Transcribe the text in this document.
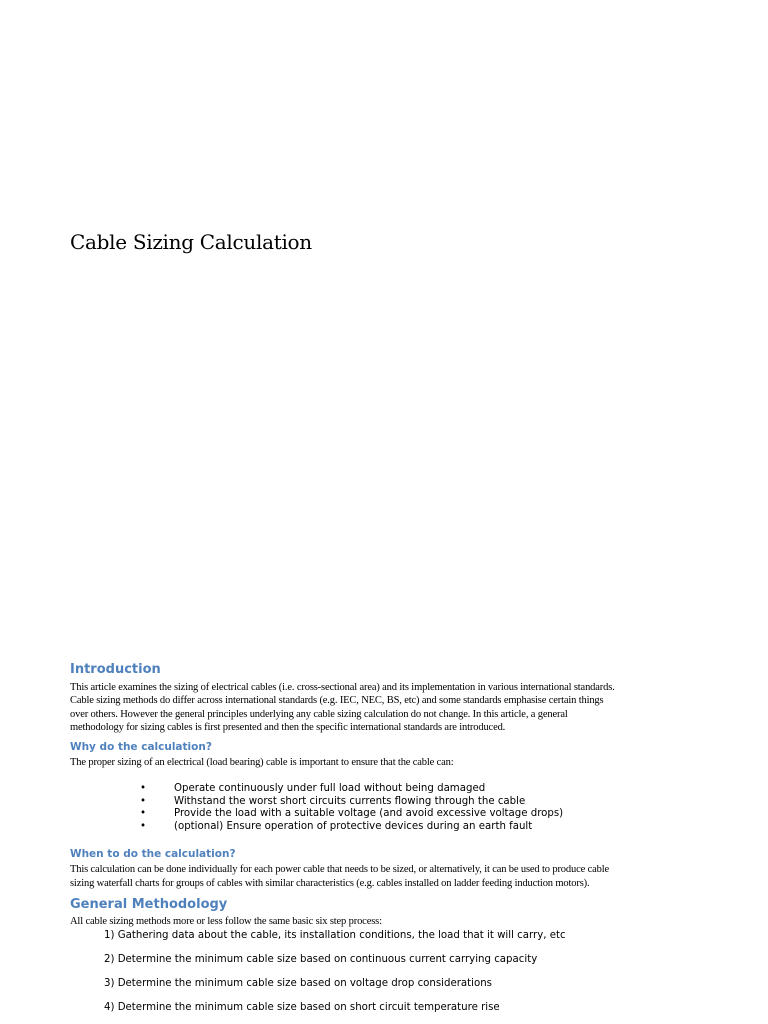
Cable Sizing Calculation
Introduction

This article examines the sizing of electrical cables (i.e. cross-sectional area) and its implementation in various international standards.

Cable sizing methods do differ across international standards (e.g. IEC, NEC, BS, etc) and some standards emphasise certain things

over others. However the general principles underlying any cable sizing calculation do not change. In this article, a general

methodology for sizing cables is first presented and then the specific international standards are introduced.

Why do the calculation?

The proper sizing of an electrical (load bearing) cable is important to ensure that the cable can:

•	Operate continuously under full load without being damaged
•	Withstand the worst short circuits currents flowing through the cable
•	Provide the load with a suitable voltage (and avoid excessive voltage drops)
•	(optional) Ensure operation of protective devices during an earth fault
When to do the calculation?

This calculation can be done individually for each power cable that needs to be sized, or alternatively, it can be used to produce cable

sizing waterfall charts for groups of cables with similar characteristics (e.g. cables installed on ladder feeding induction motors).

General Methodology

All cable sizing methods more or less follow the same basic six step process:

1) Gathering data about the cable, its installation conditions, the load that it will carry, etc
2) Determine the minimum cable size based on continuous current carrying capacity
3) Determine the minimum cable size based on voltage drop considerations
4) Determine the minimum cable size based on short circuit temperature rise
